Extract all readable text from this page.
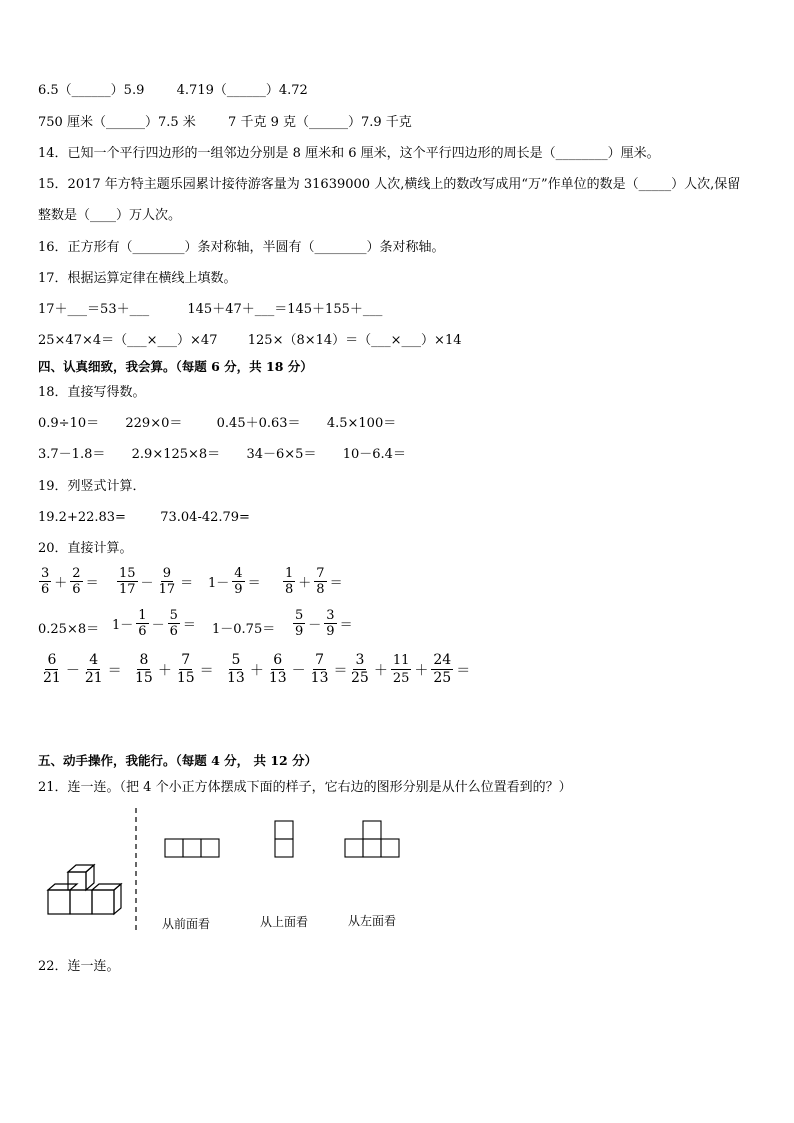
6.5（______）5.9 4.719（______）4.72
750 厘米（______）7.5 米 7 千克 9 克（______）7.9 千克
14．已知一个平行四边形的一组邻边分别是 8 厘米和 6 厘米，这个平行四边形的周长是（________）厘米。
15．2017 年方特主题乐园累计接待游客量为 31639000 人次,横线上的数改写成用“万”作单位的数是（_____）人次,保留
整数是（____）万人次。
16．正方形有（________）条对称轴，半圆有（________）条对称轴。
17．根据运算定律在横线上填数。
17＋___＝53＋___	145＋47＋___＝145＋155＋___
25×47×4＝（___×___）×47 125×（8×14）＝（___×___）×14
四、认真细致，我会算。（每题 6 分，共 18 分）
18．直接写得数。
0.9÷10＝ 229×0＝	0.45＋0.63＝ 4.5×100＝
3.7－1.8＝ 2.9×125×8＝ 34－6×5＝ 10－6.4＝
19．列竖式计算．
19.2+22.83=	73.04-42.79=
20．直接计算。
$\frac{3}{6} + \frac{2}{6} = \frac{15}{17} - \frac{9}{17} = 1- \frac{4}{9} = \frac{1}{8} + \frac{7}{8}$ ＝
$0.25\times 8= 1- \frac{1}{6} - \frac{5}{6} = 1-0.75= \frac{5}{9} - \frac{3}{9}$ ＝
$\frac{6}{21} - \frac{4}{21} = \frac{8}{15} + \frac{7}{15} = \frac{5}{13} + \frac{6}{13} - \frac{7}{13} = \frac{3}{25} + \frac{11}{25} + \frac{24}{25}$ ＝
五、动手操作，我能行。（每题 4 分， 共 12 分）
21．连一连。（把 4 个小正方体摆成下面的样子，它右边的图形分别是从什么位置看到的？）
从前面看	从上面看	从左面看
22．连一连。
